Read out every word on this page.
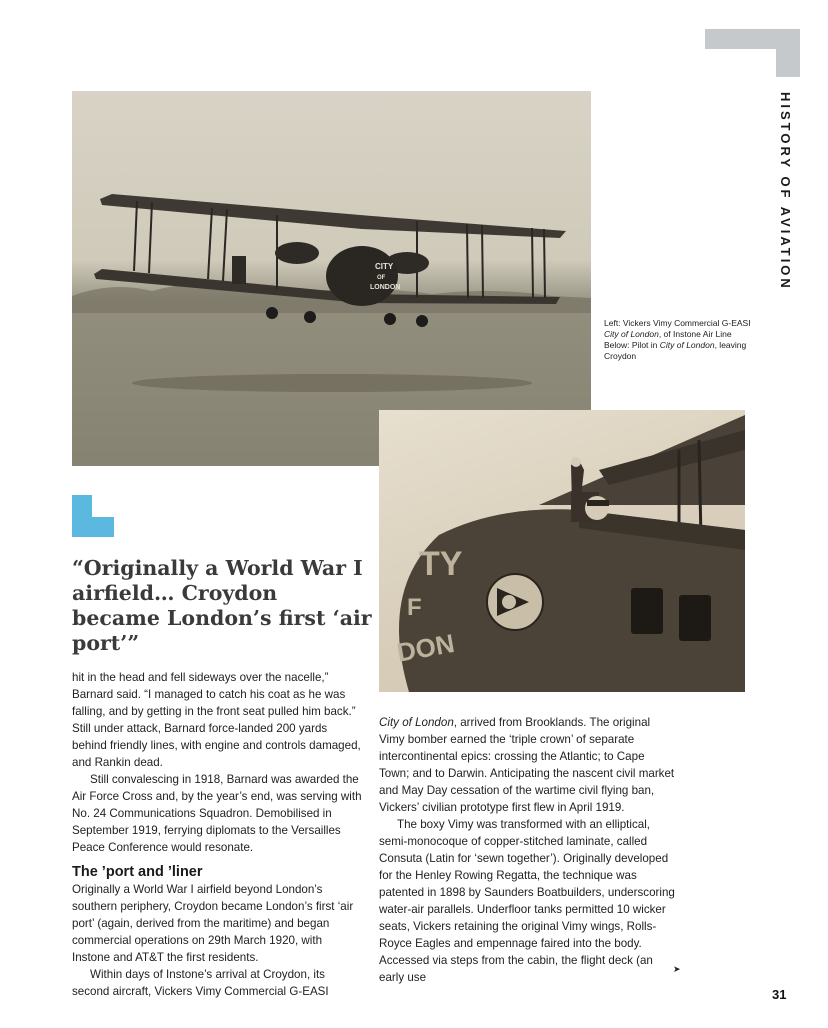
HISTORY OF AVIATION
CITY
OF
LONDON
Left: Vickers Vimy Commercial G-EASI City of London, of Instone Air Line
Below: Pilot in City of London, leaving Croydon
TY
F
DON
“Originally a World War I airfield… Croydon became London’s first ‘air port’”

hit in the head and fell sideways over the nacelle,” Barnard said. “I managed to catch his coat as he was falling, and by getting in the front seat pulled him back.” Still under attack, Barnard force-landed 200 yards behind friendly lines, with engine and controls damaged, and Rankin dead.

Still convalescing in 1918, Barnard was awarded the Air Force Cross and, by the year’s end, was serving with No. 24 Communications Squadron. Demobilised in September 1919, ferrying diplomats to the Versailles Peace Conference would resonate.

The ’port and ’liner

Originally a World War I airfield beyond London’s southern periphery, Croydon became London’s first ‘air port’ (again, derived from the maritime) and began commercial operations on 29th March 1920, with Instone and AT&T the first residents.

Within days of Instone’s arrival at Croydon, its second aircraft, Vickers Vimy Commercial G-EASI

City of London, arrived from Brooklands. The original Vimy bomber earned the ‘triple crown’ of separate intercontinental epics: crossing the Atlantic; to Cape Town; and to Darwin. Anticipating the nascent civil market and May Day cessation of the wartime civil flying ban, Vickers’ civilian prototype first flew in April 1919.

The boxy Vimy was transformed with an elliptical, semi-monocoque of copper-stitched laminate, called Consuta (Latin for ‘sewn together’). Originally developed for the Henley Rowing Regatta, the technique was patented in 1898 by Saunders Boatbuilders, underscoring water-air parallels. Underfloor tanks permitted 10 wicker seats, Vickers retaining the original Vimy wings, Rolls-Royce Eagles and empennage faired into the body. Accessed via steps from the cabin, the flight deck (an early use

➤
31
